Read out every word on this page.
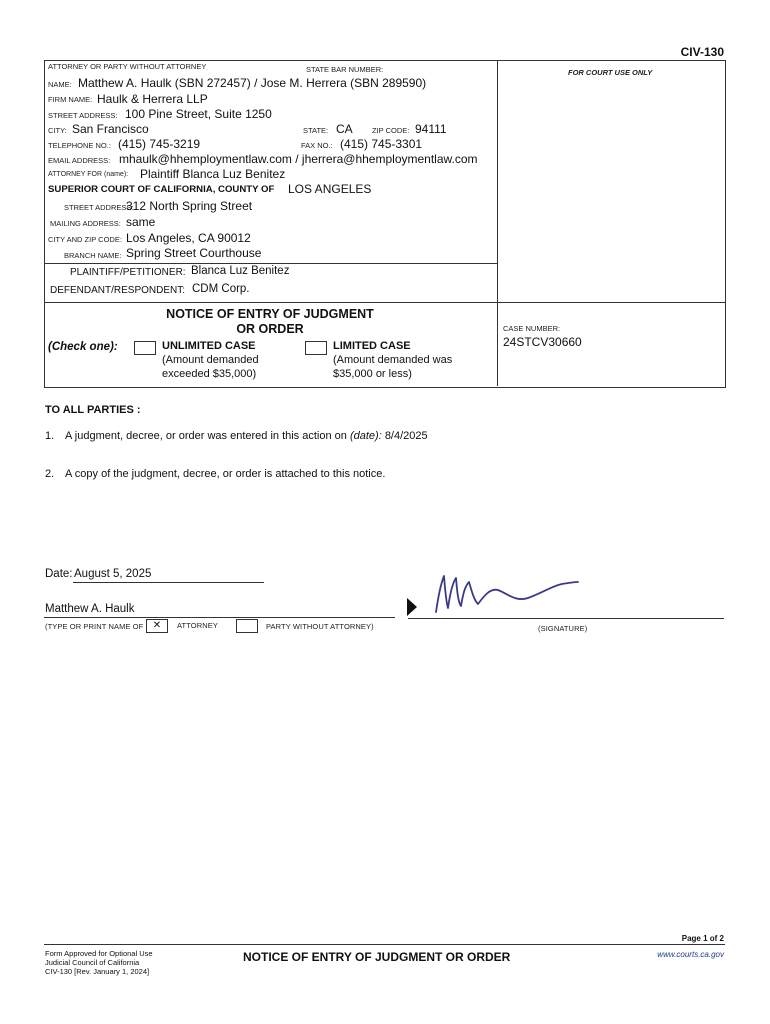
CIV-130
ATTORNEY OR PARTY WITHOUT ATTORNEY	STATE BAR NUMBER:	FOR COURT USE ONLY
NAME: Matthew A. Haulk (SBN 272457) / Jose M. Herrera (SBN 289590)
FIRM NAME: Haulk & Herrera LLP
STREET ADDRESS: 100 Pine Street, Suite 1250
CITY: San Francisco	STATE: CA	ZIP CODE: 94111
TELEPHONE NO.: (415) 745-3219	FAX NO.: (415) 745-3301
EMAIL ADDRESS: mhaulk@hhemploymentlaw.com / jherrera@hhemploymentlaw.com
ATTORNEY FOR (name): Plaintiff Blanca Luz Benitez
SUPERIOR COURT OF CALIFORNIA, COUNTY OF LOS ANGELES
STREET ADDRESS:
312 North Spring Street
MAILING ADDRESS: same
CITY AND ZIP CODE: Los Angeles, CA 90012
BRANCH NAME: Spring Street Courthouse
PLAINTIFF/PETITIONER: Blanca Luz Benitez
DEFENDANT/RESPONDENT: CDM Corp.
NOTICE OF ENTRY OF JUDGMENT
OR ORDER
(Check one):	UNLIMITED CASE
(Amount demanded
exceeded $35,000)
LIMITED CASE
(Amount demanded was
$35,000 or less)
CASE NUMBER:
24STCV30660
TO ALL PARTIES :
1. A judgment, decree, or order was entered in this action on (date): 8/4/2025
2. A copy of the judgment, decree, or order is attached to this notice.
Date: August 5, 2025
Matthew A. Haulk
(TYPE OR PRINT NAME OF ✕	ATTORNEY	PARTY WITHOUT ATTORNEY)	(SIGNATURE)
Page 1 of 2
Form Approved for Optional Use
Judicial Council of California
CIV-130 [Rev. January 1, 2024]
NOTICE OF ENTRY OF JUDGMENT OR ORDER	www.courts.ca.gov
